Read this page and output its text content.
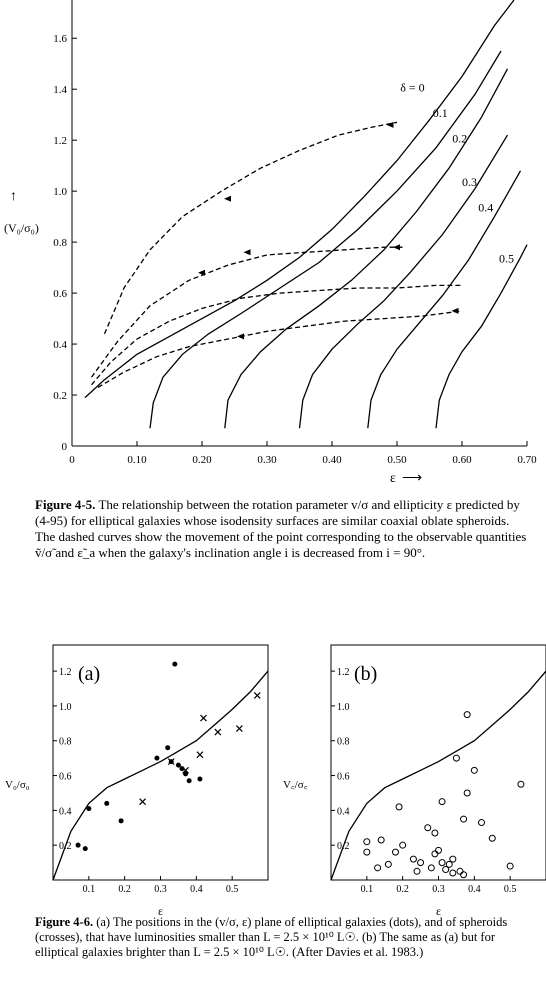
0	0.10	0.20	0.30	0.40	0.50	0.60	0.70
0
0.2
0.4
0.6
0.8
1.0
1.2
1.4
1.6
δ = 0
0.1
0.2
0.3
0.4
0.5
↑
(V₀/σ₀)
ε ⟶
Figure 4-5. The relationship between the rotation parameter v/σ and ellipticity ε predicted by (4-95) for elliptical galaxies whose isodensity surfaces are similar coaxial oblate spheroids. The dashed curves show the movement of the point corresponding to the observable quantities ṽ/σ̃ and ε̃_a when the galaxy's inclination angle i is decreased from i = 90°.
0.1 0.2 0.3 0.4 0.5
0.2
0.4
0.6
0.8
1.0
1.2
0.1 0.2 0.3 0.4 0.5
0.2
0.4
0.6
0.8
1.0
1.2
(a)	(b)
V₀/σ₀	V꜀/σ꜀
ε	ε
Figure 4-6. (a) The positions in the (v/σ, ε) plane of elliptical galaxies (dots), and of spheroids (crosses), that have luminosities smaller than L = 2.5 × 10¹⁰ L☉. (b) The same as (a) but for elliptical galaxies brighter than L = 2.5 × 10¹⁰ L☉. (After Davies et al. 1983.)
